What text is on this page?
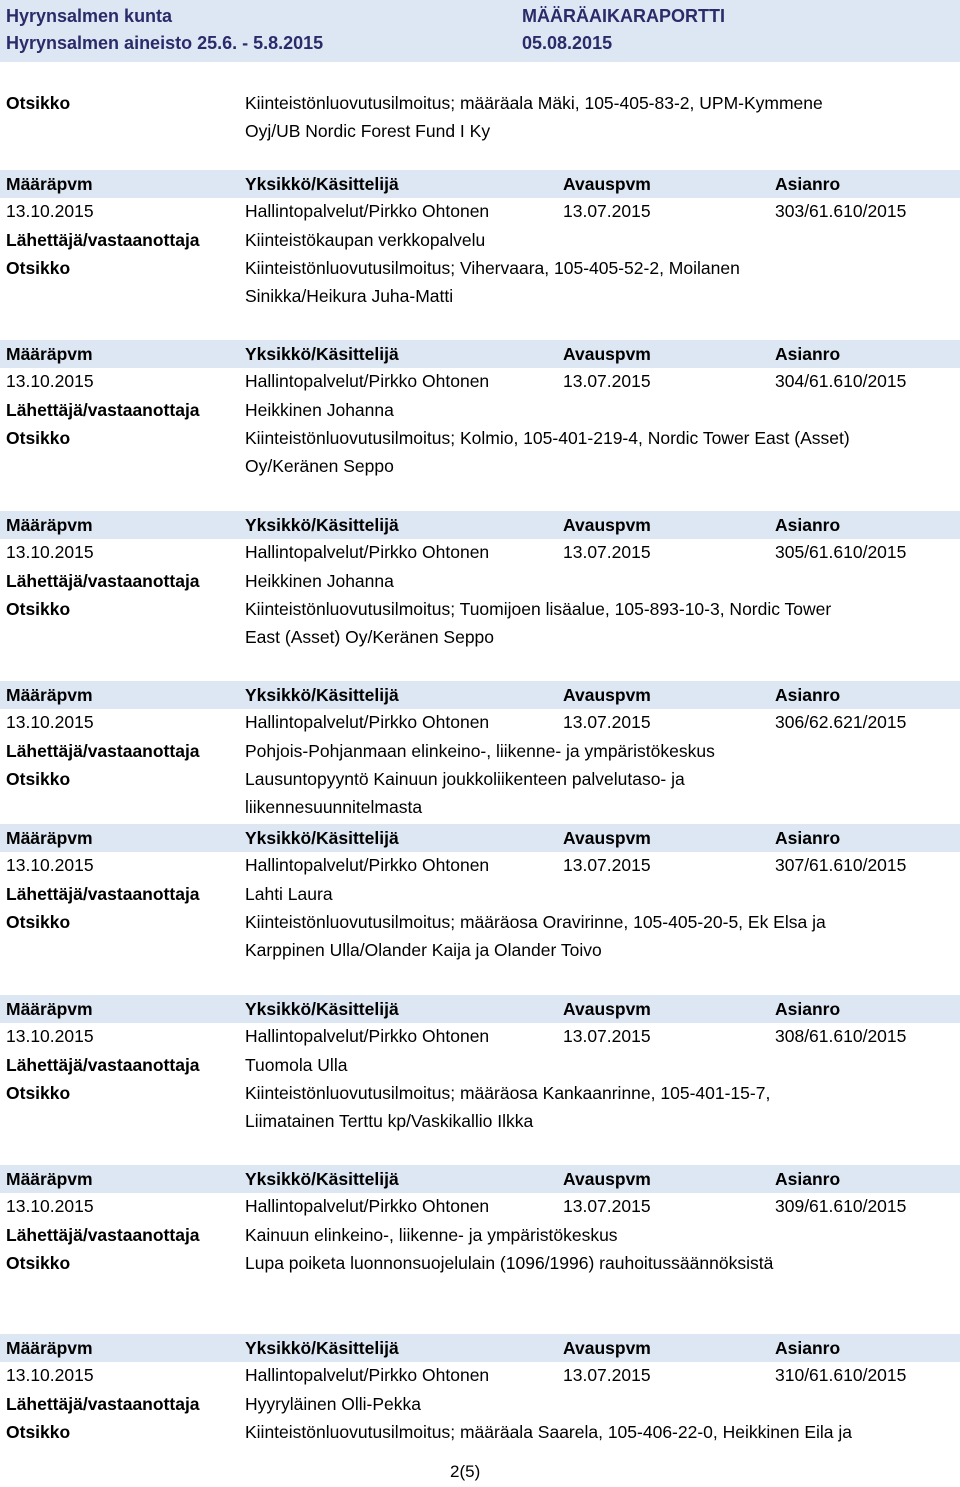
Hyrynsalmen kunta
Hyrynsalmen aineisto 25.6. - 5.8.2015
MÄÄRÄAIKARAPORTTI
05.08.2015
Otsikko	Kiinteistönluovutusilmoitus; määräala Mäki, 105-405-83-2, UPM-Kymmene
Oyj/UB Nordic Forest Fund I Ky
Määräpvm	Yksikkö/Käsittelijä	Avauspvm	Asianro
13.10.2015	Hallintopalvelut/Pirkko Ohtonen	13.07.2015	303/61.610/2015
Lähettäjä/vastaanottaja	Kiinteistökaupan verkkopalvelu
Otsikko	Kiinteistönluovutusilmoitus; Vihervaara, 105-405-52-2, Moilanen
Sinikka/Heikura Juha-Matti
Määräpvm	Yksikkö/Käsittelijä	Avauspvm	Asianro
13.10.2015	Hallintopalvelut/Pirkko Ohtonen	13.07.2015	304/61.610/2015
Lähettäjä/vastaanottaja	Heikkinen Johanna
Otsikko	Kiinteistönluovutusilmoitus; Kolmio, 105-401-219-4, Nordic Tower East (Asset)
Oy/Keränen Seppo
Määräpvm	Yksikkö/Käsittelijä	Avauspvm	Asianro
13.10.2015	Hallintopalvelut/Pirkko Ohtonen	13.07.2015	305/61.610/2015
Lähettäjä/vastaanottaja	Heikkinen Johanna
Otsikko	Kiinteistönluovutusilmoitus; Tuomijoen lisäalue, 105-893-10-3, Nordic Tower
East (Asset) Oy/Keränen Seppo
Määräpvm	Yksikkö/Käsittelijä	Avauspvm	Asianro
13.10.2015	Hallintopalvelut/Pirkko Ohtonen	13.07.2015	306/62.621/2015
Lähettäjä/vastaanottaja	Pohjois-Pohjanmaan elinkeino-, liikenne- ja ympäristökeskus
Otsikko	Lausuntopyyntö Kainuun joukkoliikenteen palvelutaso- ja
liikennesuunnitelmasta
Määräpvm	Yksikkö/Käsittelijä	Avauspvm	Asianro
13.10.2015	Hallintopalvelut/Pirkko Ohtonen	13.07.2015	307/61.610/2015
Lähettäjä/vastaanottaja	Lahti Laura
Otsikko	Kiinteistönluovutusilmoitus; määräosa Oravirinne, 105-405-20-5, Ek Elsa ja
Karppinen Ulla/Olander Kaija ja Olander Toivo
Määräpvm	Yksikkö/Käsittelijä	Avauspvm	Asianro
13.10.2015	Hallintopalvelut/Pirkko Ohtonen	13.07.2015	308/61.610/2015
Lähettäjä/vastaanottaja	Tuomola Ulla
Otsikko	Kiinteistönluovutusilmoitus; määräosa Kankaanrinne, 105-401-15-7,
Liimatainen Terttu kp/Vaskikallio Ilkka
Määräpvm	Yksikkö/Käsittelijä	Avauspvm	Asianro
13.10.2015	Hallintopalvelut/Pirkko Ohtonen	13.07.2015	309/61.610/2015
Lähettäjä/vastaanottaja	Kainuun elinkeino-, liikenne- ja ympäristökeskus
Otsikko	Lupa poiketa luonnonsuojelulain (1096/1996) rauhoitussäännöksistä
Määräpvm	Yksikkö/Käsittelijä	Avauspvm	Asianro
13.10.2015	Hallintopalvelut/Pirkko Ohtonen	13.07.2015	310/61.610/2015
Lähettäjä/vastaanottaja	Hyyryläinen Olli-Pekka
Otsikko	Kiinteistönluovutusilmoitus; määräala Saarela, 105-406-22-0, Heikkinen Eila ja
2(5)
